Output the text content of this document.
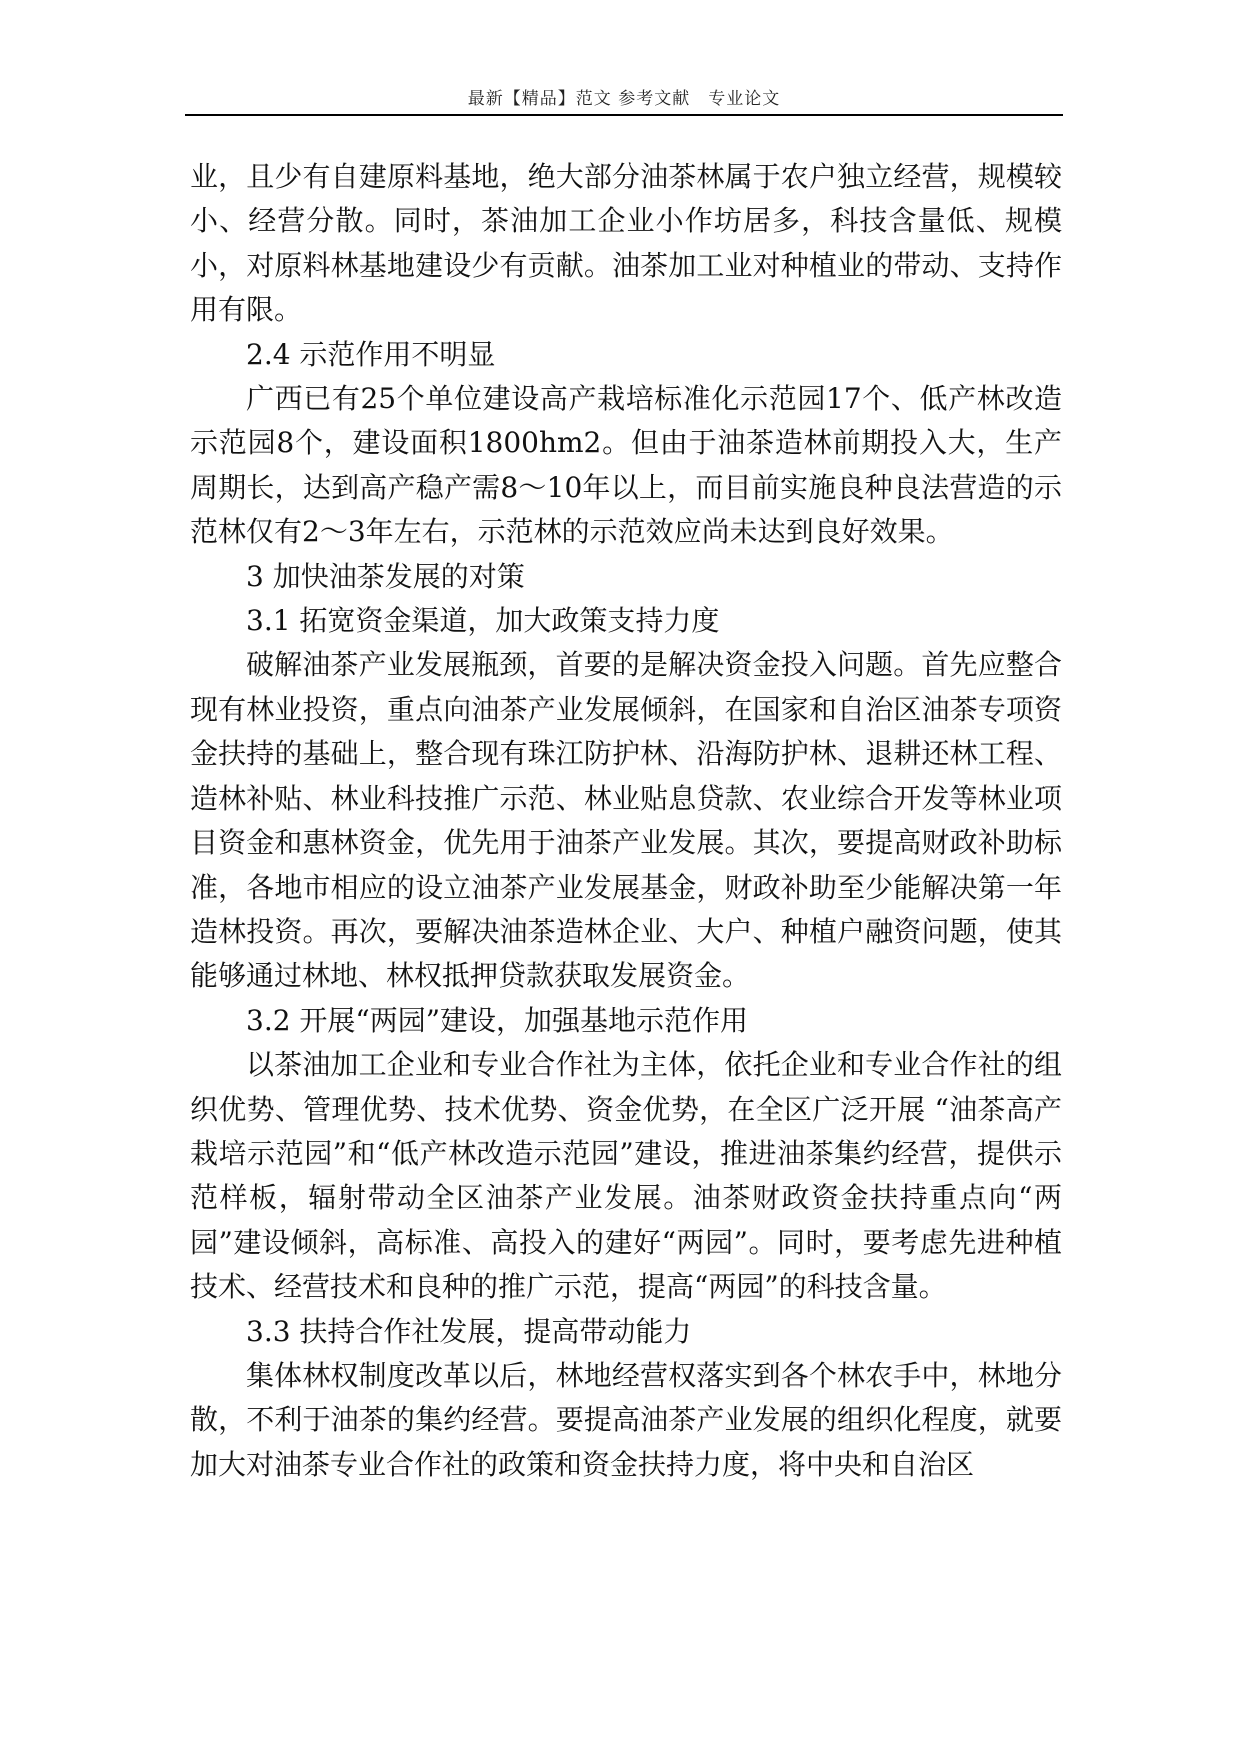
最新【精品】范文 参考文献　专业论文

业，且少有自建原料基地，绝大部分油茶林属于农户独立经营，规模较小、经营分散。同时，茶油加工企业小作坊居多，科技含量低、规模小，对原料林基地建设少有贡献。油茶加工业对种植业的带动、支持作用有限。

2.4 示范作用不明显

广西已有25个单位建设高产栽培标准化示范园17个、低产林改造示范园8个，建设面积1800hm2。但由于油茶造林前期投入大，生产周期长，达到高产稳产需8～10年以上，而目前实施良种良法营造的示范林仅有2～3年左右，示范林的示范效应尚未达到良好效果。

3 加快油茶发展的对策

3.1 拓宽资金渠道，加大政策支持力度

破解油茶产业发展瓶颈，首要的是解决资金投入问题。首先应整合现有林业投资，重点向油茶产业发展倾斜，在国家和自治区油茶专项资金扶持的基础上，整合现有珠江防护林、沿海防护林、退耕还林工程、造林补贴、林业科技推广示范、林业贴息贷款、农业综合开发等林业项目资金和惠林资金，优先用于油茶产业发展。其次，要提高财政补助标准，各地市相应的设立油茶产业发展基金，财政补助至少能解决第一年造林投资。再次，要解决油茶造林企业、大户、种植户融资问题，使其能够通过林地、林权抵押贷款获取发展资金。

3.2 开展“两园”建设，加强基地示范作用

以茶油加工企业和专业合作社为主体，依托企业和专业合作社的组织优势、管理优势、技术优势、资金优势，在全区广泛开展 “油茶高产栽培示范园”和“低产林改造示范园”建设，推进油茶集约经营，提供示范样板，辐射带动全区油茶产业发展。油茶财政资金扶持重点向“两园”建设倾斜，高标准、高投入的建好“两园”。同时，要考虑先进种植技术、经营技术和良种的推广示范，提高“两园”的科技含量。

3.3 扶持合作社发展，提高带动能力

集体林权制度改革以后，林地经营权落实到各个林农手中，林地分散，不利于油茶的集约经营。要提高油茶产业发展的组织化程度，就要加大对油茶专业合作社的政策和资金扶持力度，将中央和自治区
